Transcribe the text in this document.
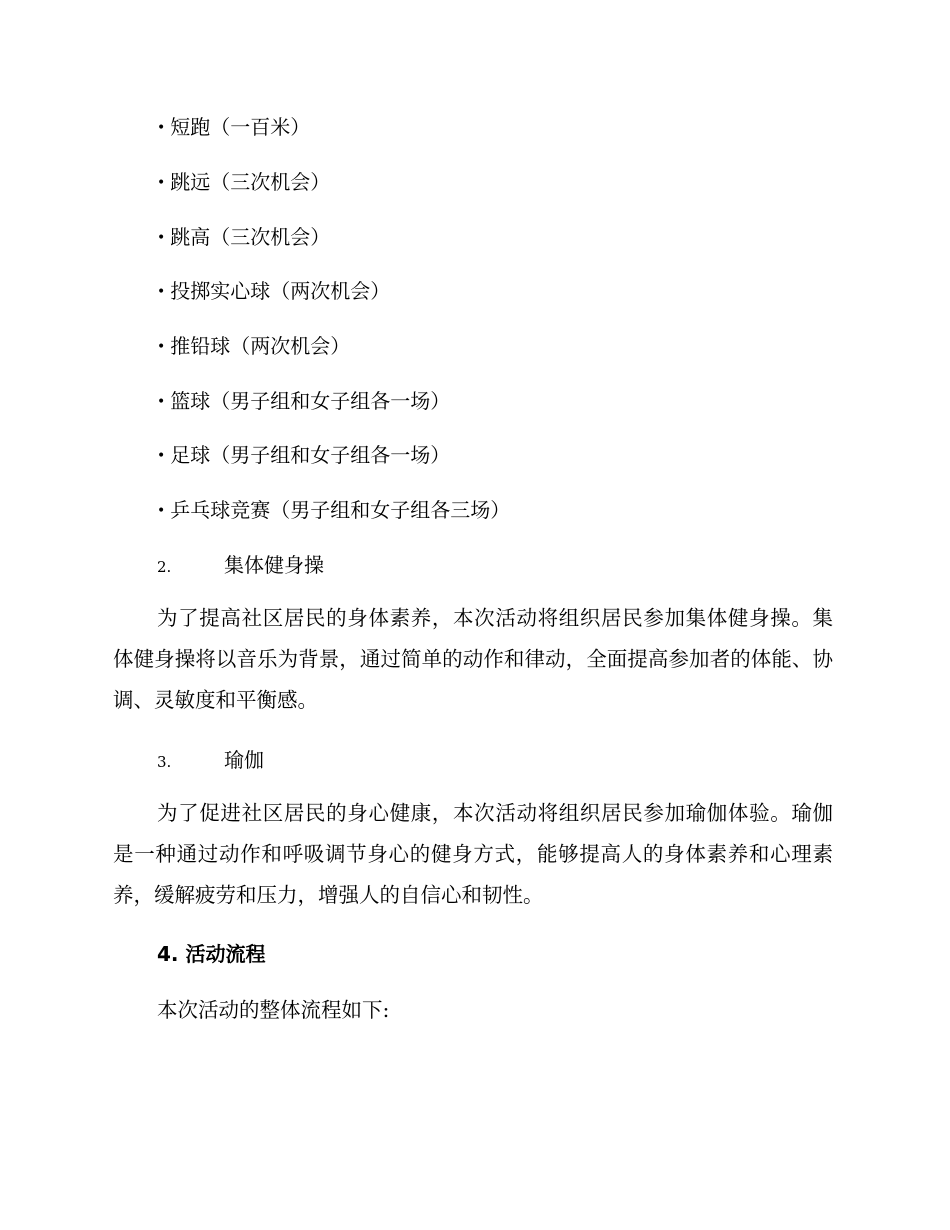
• 短跑（一百米）
• 跳远（三次机会）
• 跳高（三次机会）
• 投掷实心球（两次机会）
• 推铅球（两次机会）
• 篮球（男子组和女子组各一场）
• 足球（男子组和女子组各一场）
• 乒乓球竞赛（男子组和女子组各三场）
2.	集体健身操
为了提高社区居民的身体素养，本次活动将组织居民参加集体健身操。集体健身操将以音乐为背景，通过简单的动作和律动，全面提高参加者的体能、协调、灵敏度和平衡感。
3.	瑜伽
为了促进社区居民的身心健康，本次活动将组织居民参加瑜伽体验。瑜伽是一种通过动作和呼吸调节身心的健身方式，能够提高人的身体素养和心理素养，缓解疲劳和压力，增强人的自信心和韧性。
4. 活动流程
本次活动的整体流程如下:
